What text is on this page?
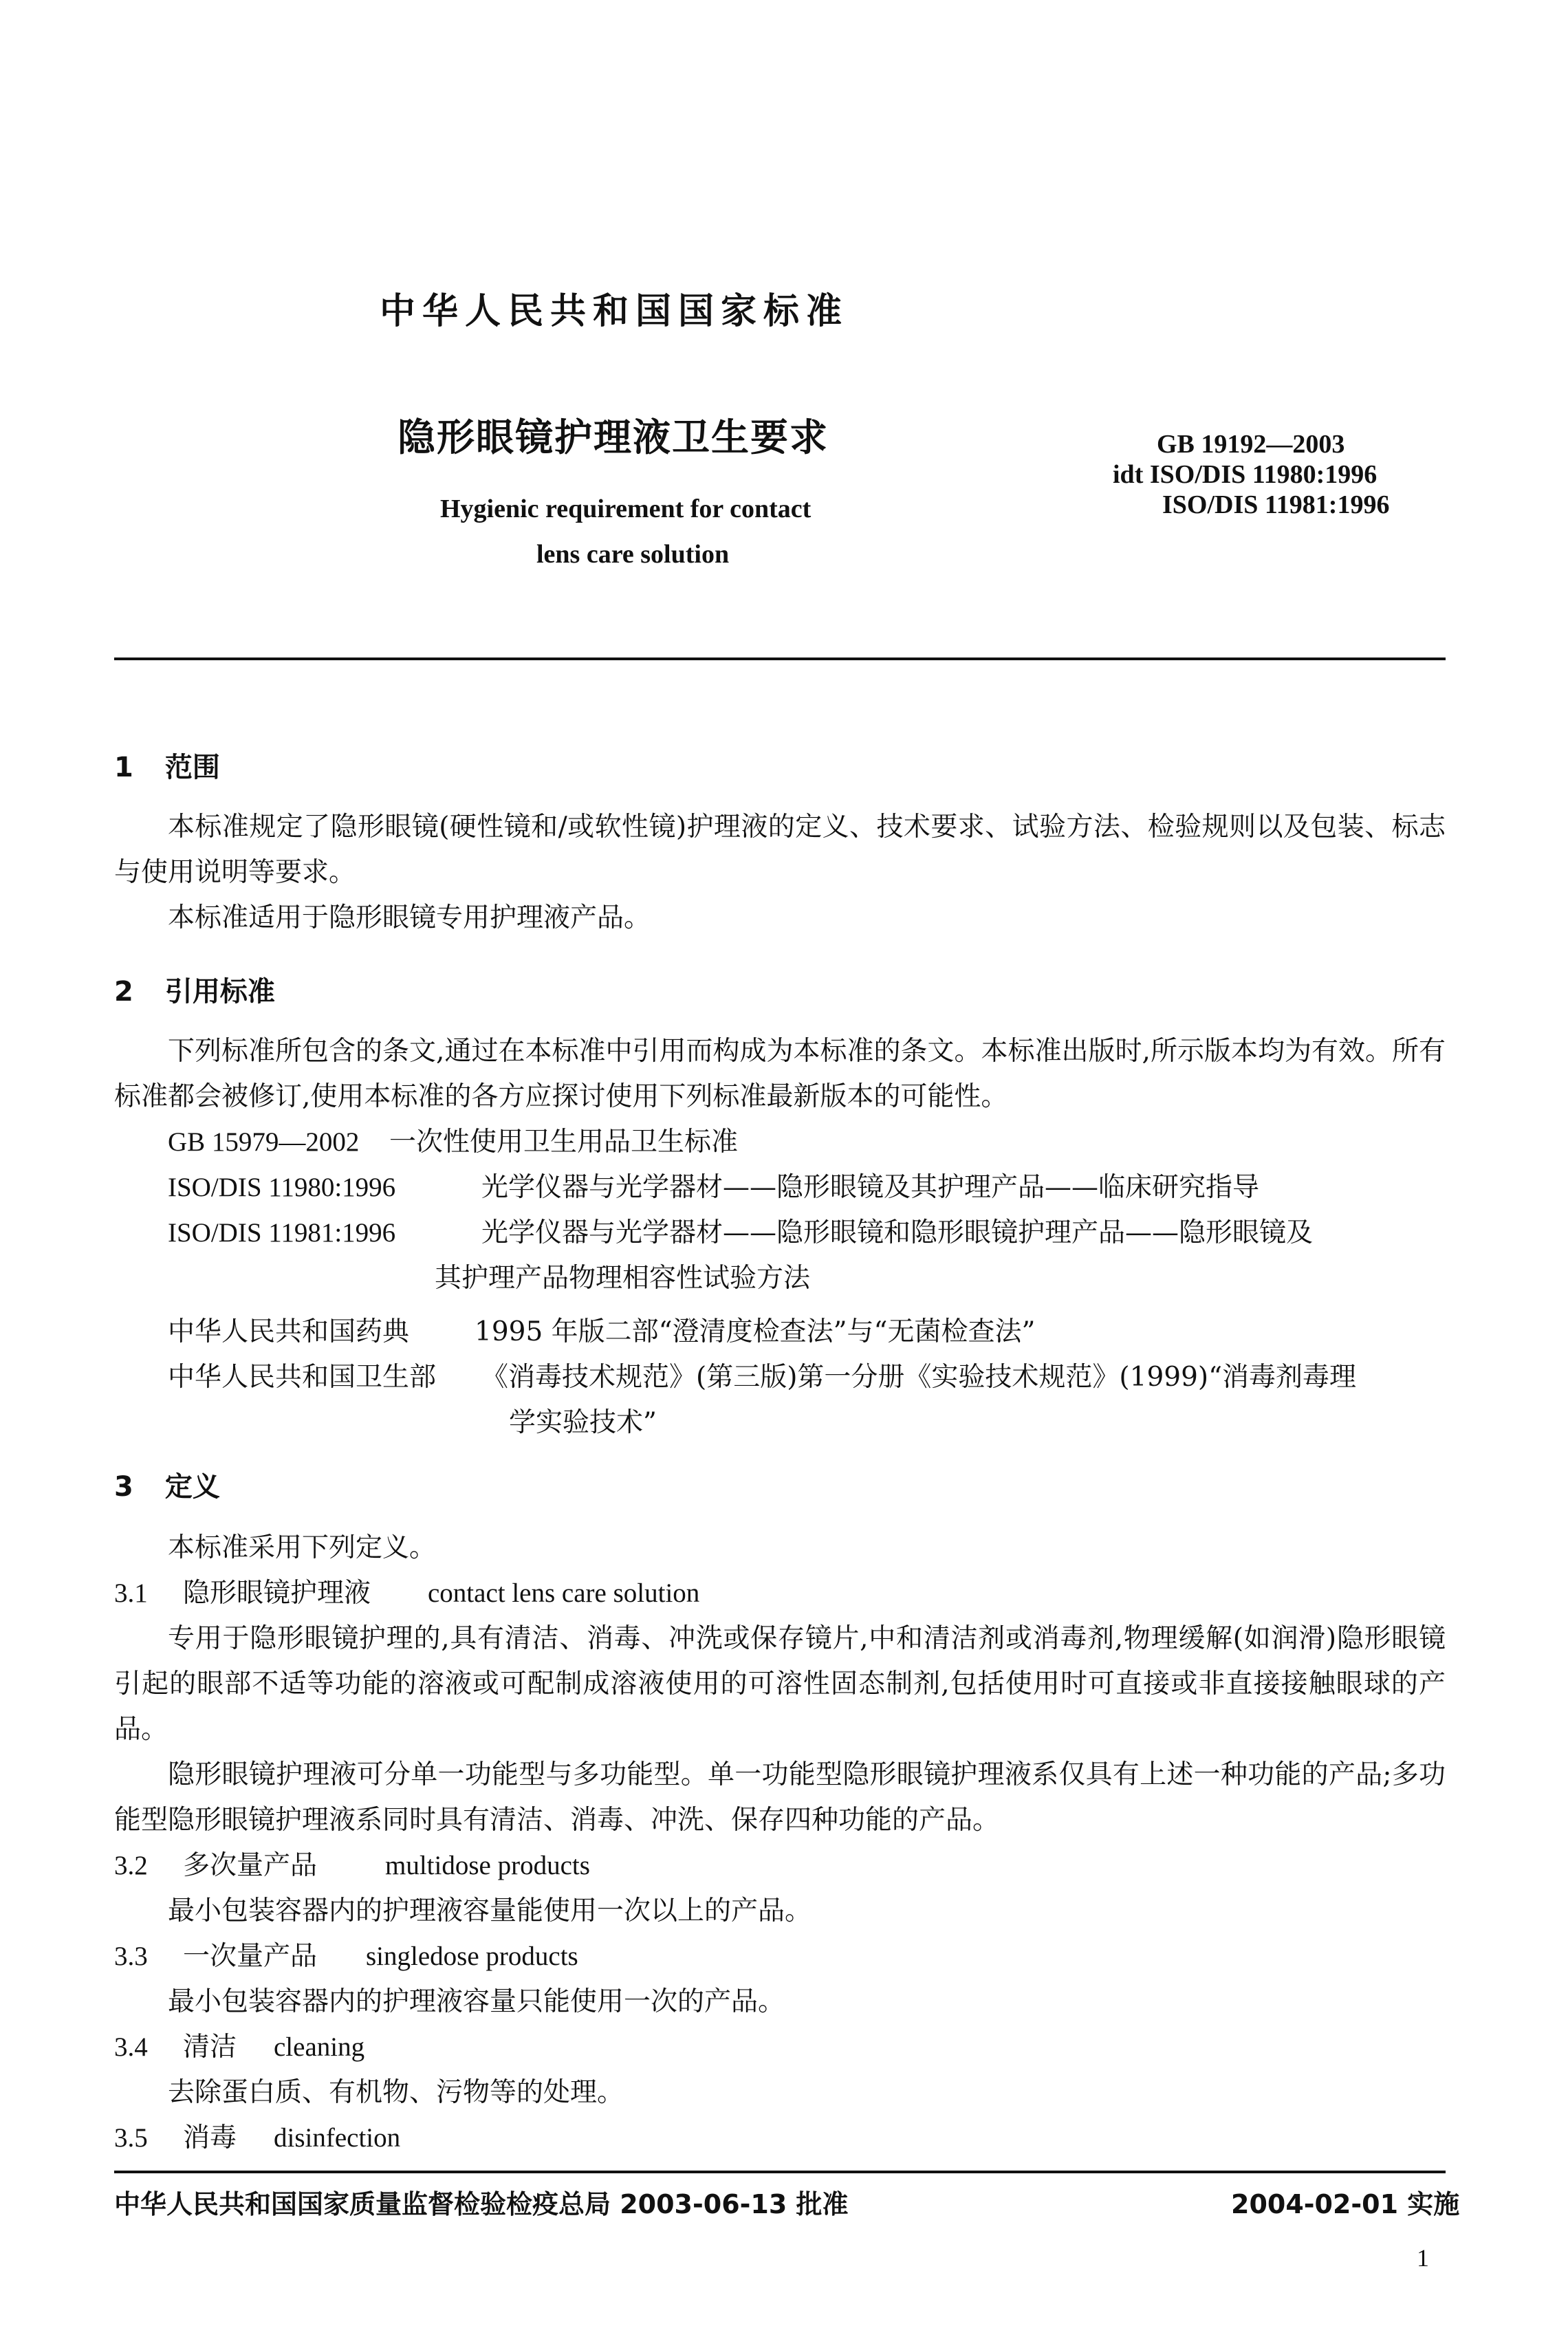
中华人民共和国国家标准
隐形眼镜护理液卫生要求
Hygienic requirement for contact
lens care solution
GB 19192—2003
idt ISO/DIS 11980:1996
ISO/DIS 11981:1996
1 范围
本标准规定了隐形眼镜(硬性镜和/或软性镜)护理液的定义、技术要求、试验方法、检验规则以及包装、标志与使用说明等要求。
本标准适用于隐形眼镜专用护理液产品。
2 引用标准
下列标准所包含的条文,通过在本标准中引用而构成为本标准的条文。本标准出版时,所示版本均为有效。所有标准都会被修订,使用本标准的各方应探讨使用下列标准最新版本的可能性。
GB 15979—2002 一次性使用卫生用品卫生标准
ISO/DIS 11980:1996	光学仪器与光学器材——隐形眼镜及其护理产品——临床研究指导
ISO/DIS 11981:1996	光学仪器与光学器材——隐形眼镜和隐形眼镜护理产品——隐形眼镜及
其护理产品物理相容性试验方法
中华人民共和国药典 1995 年版二部“澄清度检查法”与“无菌检查法”
中华人民共和国卫生部 《消毒技术规范》(第三版)第一分册《实验技术规范》(1999)“消毒剂毒理
学实验技术”
3 定义
本标准采用下列定义。
3.1 隐形眼镜护理液 contact lens care solution
专用于隐形眼镜护理的,具有清洁、消毒、冲洗或保存镜片,中和清洁剂或消毒剂,物理缓解(如润滑)隐形眼镜引起的眼部不适等功能的溶液或可配制成溶液使用的可溶性固态制剂,包括使用时可直接或非直接接触眼球的产品。
隐形眼镜护理液可分单一功能型与多功能型。单一功能型隐形眼镜护理液系仅具有上述一种功能的产品;多功能型隐形眼镜护理液系同时具有清洁、消毒、冲洗、保存四种功能的产品。
3.2 多次量产品	multidose products
最小包装容器内的护理液容量能使用一次以上的产品。
3.3 一次量产品 singledose products
最小包装容器内的护理液容量只能使用一次的产品。
3.4 清洁 cleaning
去除蛋白质、有机物、污物等的处理。
3.5 消毒 disinfection
中华人民共和国国家质量监督检验检疫总局 2003-06-13 批准	2004-02-01 实施
1
